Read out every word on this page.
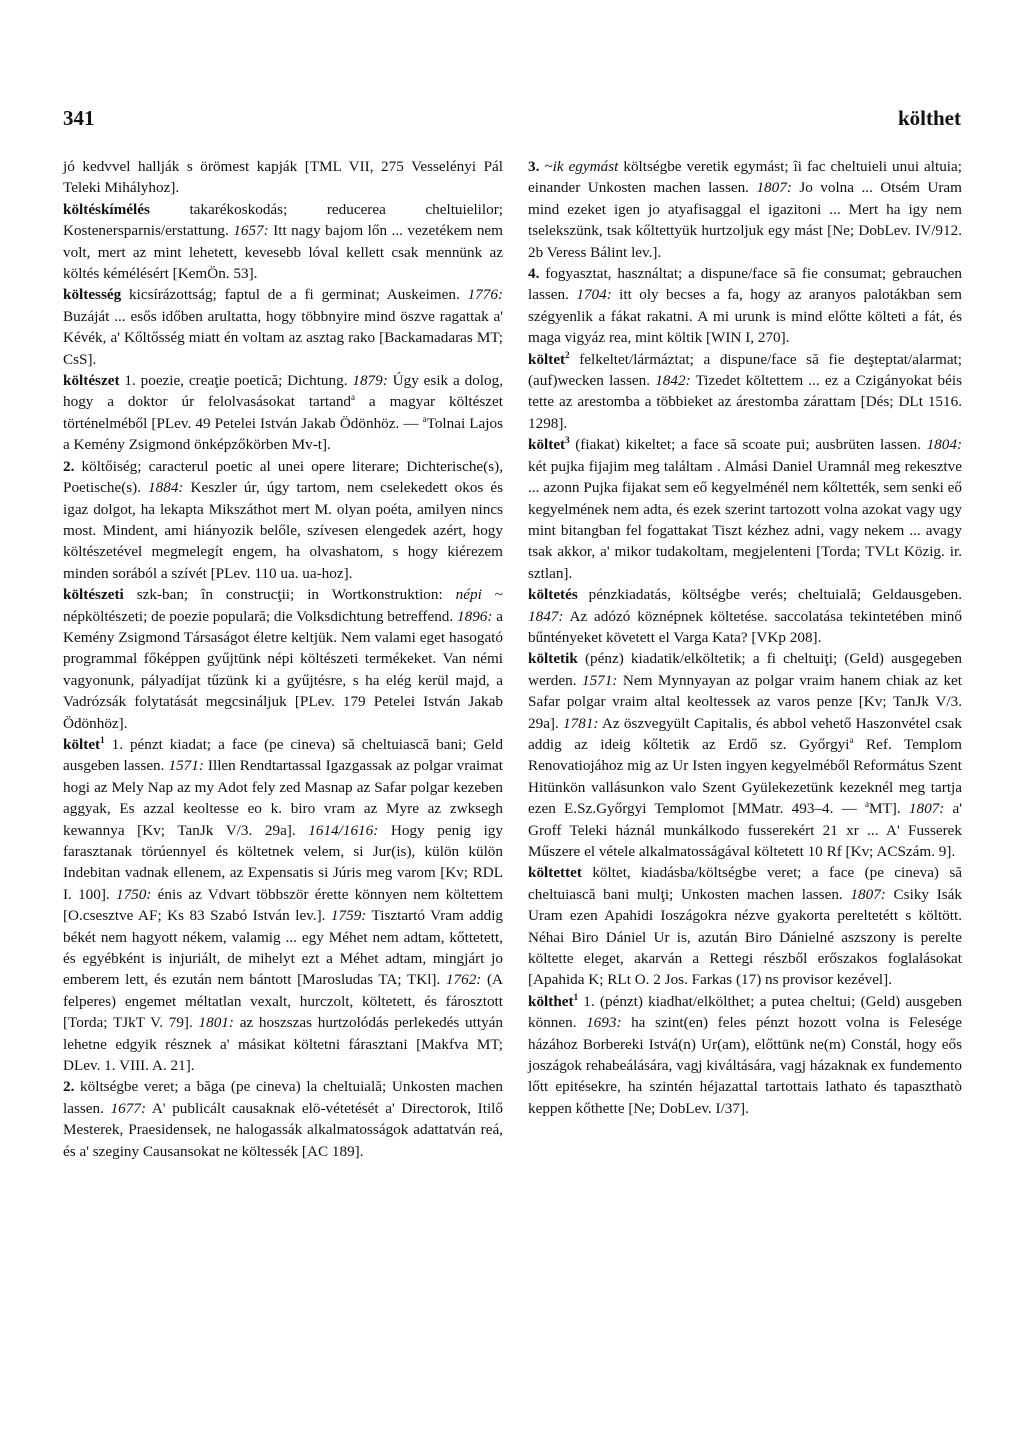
341	költhet

jó kedvvel hallják s örömest kapják [TML VII, 275 Vesselényi Pál Teleki Mihályhoz].

költéskímélés takarékoskodás; reducerea cheltuielilor; Kostenersparnis/erstattung. 1657: Itt nagy bajom lőn ... vezetékem nem volt, mert az mint lehetett, kevesebb lóval kellett csak mennünk az költés kémélésért [KemÖn. 53].

költesség kicsírázottság; faptul de a fi germinat; Auskeimen. 1776: Buzáját ... esős időben arultatta, hogy többnyire mind öszve ragattak a' Kévék, a' Kőltősség miatt én voltam az asztag rako [Backamadaras MT; CsS].

költészet 1. poezie, creaţie poetică; Dichtung. 1879: Úgy esik a dolog, hogy a doktor úr felolvasásokat tartand$^a$ a magyar költészet történelméből [PLev. 49 Petelei István Jakab Ödönhöz. — $^a$Tolnai Lajos a Kemény Zsigmond önképzőkörben Mv-t].
2. költőiség; caracterul poetic al unei opere literare; Dichterische(s), Poetische(s). 1884: Keszler úr, úgy tartom, nem cselekedett okos és igaz dolgot, ha lekapta Mikszáthot mert M. olyan poéta, amilyen nincs most. Mindent, ami hiányozik belőle, szívesen elengedek azért, hogy költészetével megmelegít engem, ha olvashatom, s hogy kiérezem minden sorából a szívét [PLev. 110 ua. ua-hoz].

költészeti szk-ban; în construcţii; in Wortkonstruktion: népi ~ népköltészeti; de poezie populară; die Volksdichtung betreffend. 1896: a Kemény Zsigmond Társaságot életre keltjük. Nem valami eget hasogató programmal főképpen gyűjtünk népi költészeti termékeket. Van némi vagyonunk, pályadíjat tűzünk ki a gyűjtésre, s ha elég kerül majd, a Vadrózsák folytatását megcsináljuk [PLev. 179 Petelei István Jakab Ödönhöz].

költet$^1$ 1. pénzt kiadat; a face (pe cineva) să cheltuiască bani; Geld ausgeben lassen. 1571: Illen Rendtartassal Igazgassak az polgar vraimat hogi az Mely Nap az my Adot fely zed Masnap az Safar polgar kezeben aggyak, Es azzal keoltesse eo k. biro vram az Myre az zwksegh kewannya [Kv; TanJk V/3. 29a]. 1614/1616: Hogy penig igy farasztanak törúennyel és költetnek velem, si Jur(is), külön külön Indebitan vadnak ellenem, az Expensatis si Júris meg varom [Kv; RDL I. 100]. 1750: énis az Vdvart többször érette könnyen nem költettem [O.csesztve AF; Ks 83 Szabó István lev.]. 1759: Tisztartó Vram addig békét nem hagyott nékem, valamig ... egy Méhet nem adtam, kőttetett, és egyébként is injuriált, de mihelyt ezt a Méhet adtam, mingjárt jo emberem lett, és ezután nem bántott [Marosludas TA; TKl]. 1762: (A felperes) engemet méltatlan vexalt, hurczolt, költetett, és fárosztott [Torda; TJkT V. 79]. 1801: az hoszszas hurtzolódás perlekedés uttyán lehetne edgyik résznek a' másikat költetni fárasztani [Makfva MT; DLev. 1. VIII. A. 21].
2. költségbe veret; a băga (pe cineva) la cheltuială; Unkosten machen lassen. 1677: A' publicált causaknak elö-vétetését a' Directorok, Itilő Mesterek, Praesidensek, ne halogassák alkalmatosságok adattatván reá, és a' szeginy Causansokat ne költessék [AC 189].

3. ~ik egymást költségbe veretik egymást; îi fac cheltuieli unui altuia; einander Unkosten machen lassen. 1807: Jo volna ... Otsém Uram mind ezeket igen jo atyafisaggal el igazitoni ... Mert ha igy nem tselekszünk, tsak kőltettyük hurtzoljuk egy mást [Ne; DobLev. IV/912. 2b Veress Bálint lev.].
4. fogyasztat, használtat; a dispune/face să fie consumat; gebrauchen lassen. 1704: itt oly becses a fa, hogy az aranyos palotákban sem szégyenlik a fákat rakatni. A mi urunk is mind előtte költeti a fát, és maga vigyáz rea, mint költik [WIN I, 270].

költet$^2$ felkeltet/lármáztat; a dispune/face să fie deşteptat/alarmat; (auf)wecken lassen. 1842: Tizedet költettem ... ez a Czigányokat béis tette az arestomba a többieket az árestomba zárattam [Dés; DLt 1516. 1298].

költet$^3$ (fiakat) kikeltet; a face să scoate pui; ausbrüten lassen. 1804: két pujka fijajim meg találtam . Almási Daniel Uramnál meg rekesztve ... azonn Pujka fijakat sem eő kegyelménél nem kőltették, sem senki eő kegyelmének nem adta, és ezek szerint tartozott volna azokat vagy ugy mint bitangban fel fogattakat Tiszt kézhez adni, vagy nekem ... avagy tsak akkor, a' mikor tudakoltam, megjelenteni [Torda; TVLt Közig. ir. sztlan].

költetés pénzkiadatás, költségbe verés; cheltuială; Geldausgeben. 1847: Az adózó köznépnek költetése. saccolatása tekintetében minő bűntényeket követett el Varga Kata? [VKp 208].

költetik (pénz) kiadatik/elköltetik; a fi cheltuiţi; (Geld) ausgegeben werden. 1571: Nem Mynnyayan az polgar vraim hanem chiak az ket Safar polgar vraim altal keoltessek az varos penze [Kv; TanJk V/3. 29a]. 1781: Az öszvegyült Capitalis, és abbol vehető Haszonvétel csak addig az ideig kőltetik az Erdő sz. Győrgyi$^a$ Ref. Templom Renovatiojához mig az Ur Isten ingyen kegyelméből Református Szent Hitünkön vallásunkon valo Szent Gyülekezetünk kezeknél meg tartja ezen E.Sz.Győrgyi Templomot [MMatr. 493–4. — $^a$MT]. 1807: a' Groff Teleki háznál munkálkodo fusserekért 21 xr ... A' Fusserek Műszere el vétele alkalmatosságával költetett 10 Rf [Kv; ACSzám. 9].

költettet költet, kiadásba/költségbe veret; a face (pe cineva) să cheltuiască bani mulţi; Unkosten machen lassen. 1807: Csiky Isák Uram ezen Apahidi Ioszágokra nézve gyakorta pereltetétt s költött. Néhai Biro Dániel Ur is, azután Biro Dánielné aszszony is perelte költette eleget, akarván a Rettegi részből erőszakos foglalásokat [Apahida K; RLt O. 2 Jos. Farkas (17) ns provisor kezével].

költhet$^1$ 1. (pénzt) kiadhat/elkölthet; a putea cheltui; (Geld) ausgeben können. 1693: ha szint(en) feles pénzt hozott volna is Felesége házához Borbereki Istvá(n) Ur(am), előttünk ne(m) Constál, hogy eős joszágok rehabeálására, vagj kiváltására, vagj házaknak ex fundemento lőtt epitésekre, ha szintén héjazattal tartottais lathato és tapaszthatò keppen kőthette [Ne; DobLev. I/37].
